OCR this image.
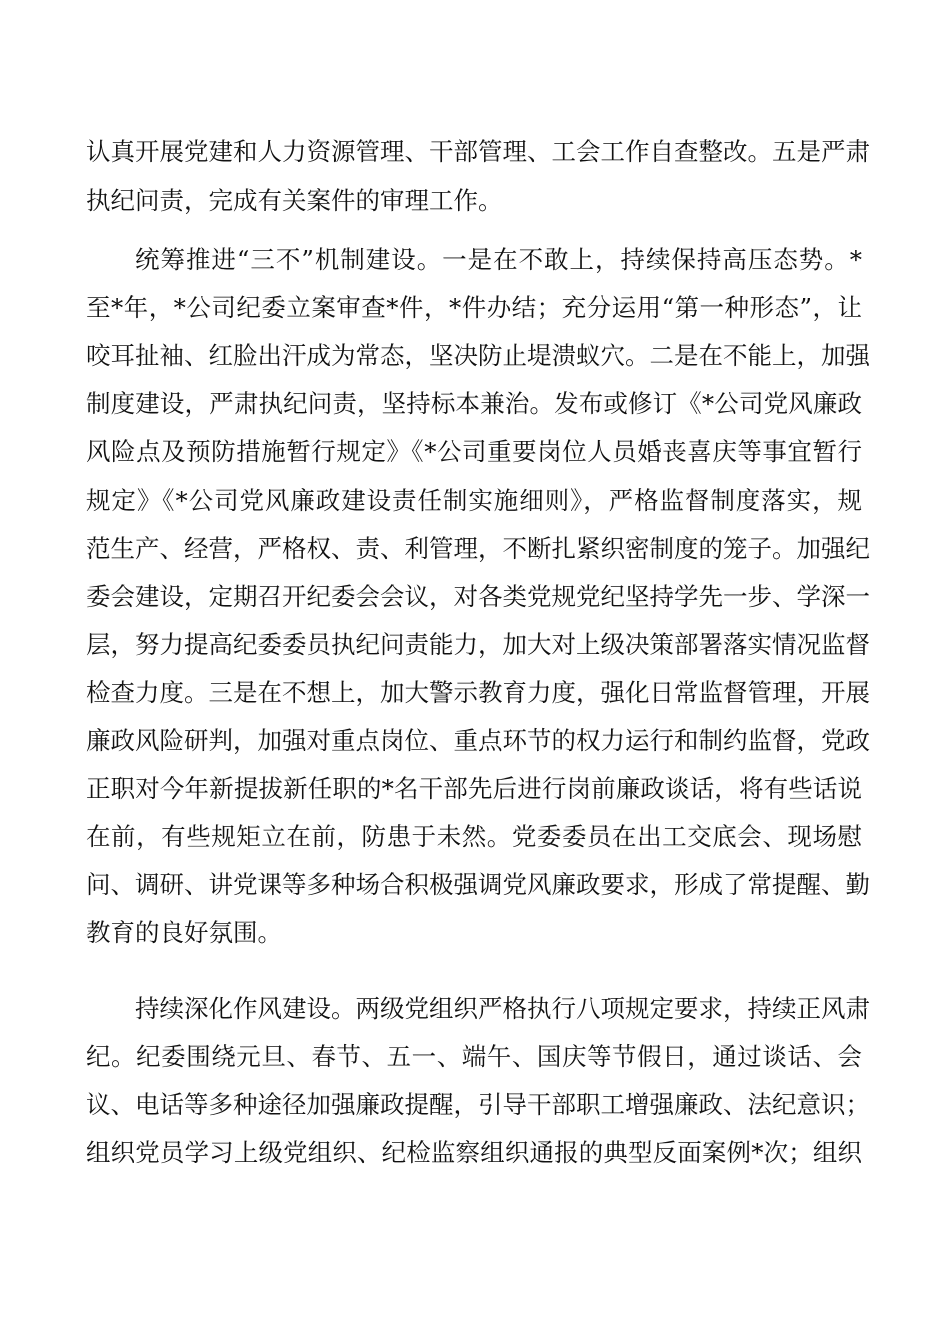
认真开展党建和人力资源管理、干部管理、工会工作自查整改。五是严肃
执纪问责，完成有关案件的审理工作。
统筹推进“三不”机制建设。一是在不敢上，持续保持高压态势。*
至*年，*公司纪委立案审查*件，*件办结；充分运用“第一种形态”，让
咬耳扯袖、红脸出汗成为常态，坚决防止堤溃蚁穴。二是在不能上，加强
制度建设，严肃执纪问责，坚持标本兼治。发布或修订《*公司党风廉政
风险点及预防措施暂行规定》《*公司重要岗位人员婚丧喜庆等事宜暂行
规定》《*公司党风廉政建设责任制实施细则》，严格监督制度落实，规
范生产、经营，严格权、责、利管理，不断扎紧织密制度的笼子。加强纪
委会建设，定期召开纪委会会议，对各类党规党纪坚持学先一步、学深一
层，努力提高纪委委员执纪问责能力，加大对上级决策部署落实情况监督
检查力度。三是在不想上，加大警示教育力度，强化日常监督管理，开展
廉政风险研判，加强对重点岗位、重点环节的权力运行和制约监督，党政
正职对今年新提拔新任职的*名干部先后进行岗前廉政谈话，将有些话说
在前，有些规矩立在前，防患于未然。党委委员在出工交底会、现场慰
问、调研、讲党课等多种场合积极强调党风廉政要求，形成了常提醒、勤
教育的良好氛围。
持续深化作风建设。两级党组织严格执行八项规定要求，持续正风肃
纪。纪委围绕元旦、春节、五一、端午、国庆等节假日，通过谈话、会
议、电话等多种途径加强廉政提醒，引导干部职工增强廉政、法纪意识；
组织党员学习上级党组织、纪检监察组织通报的典型反面案例*次；组织
